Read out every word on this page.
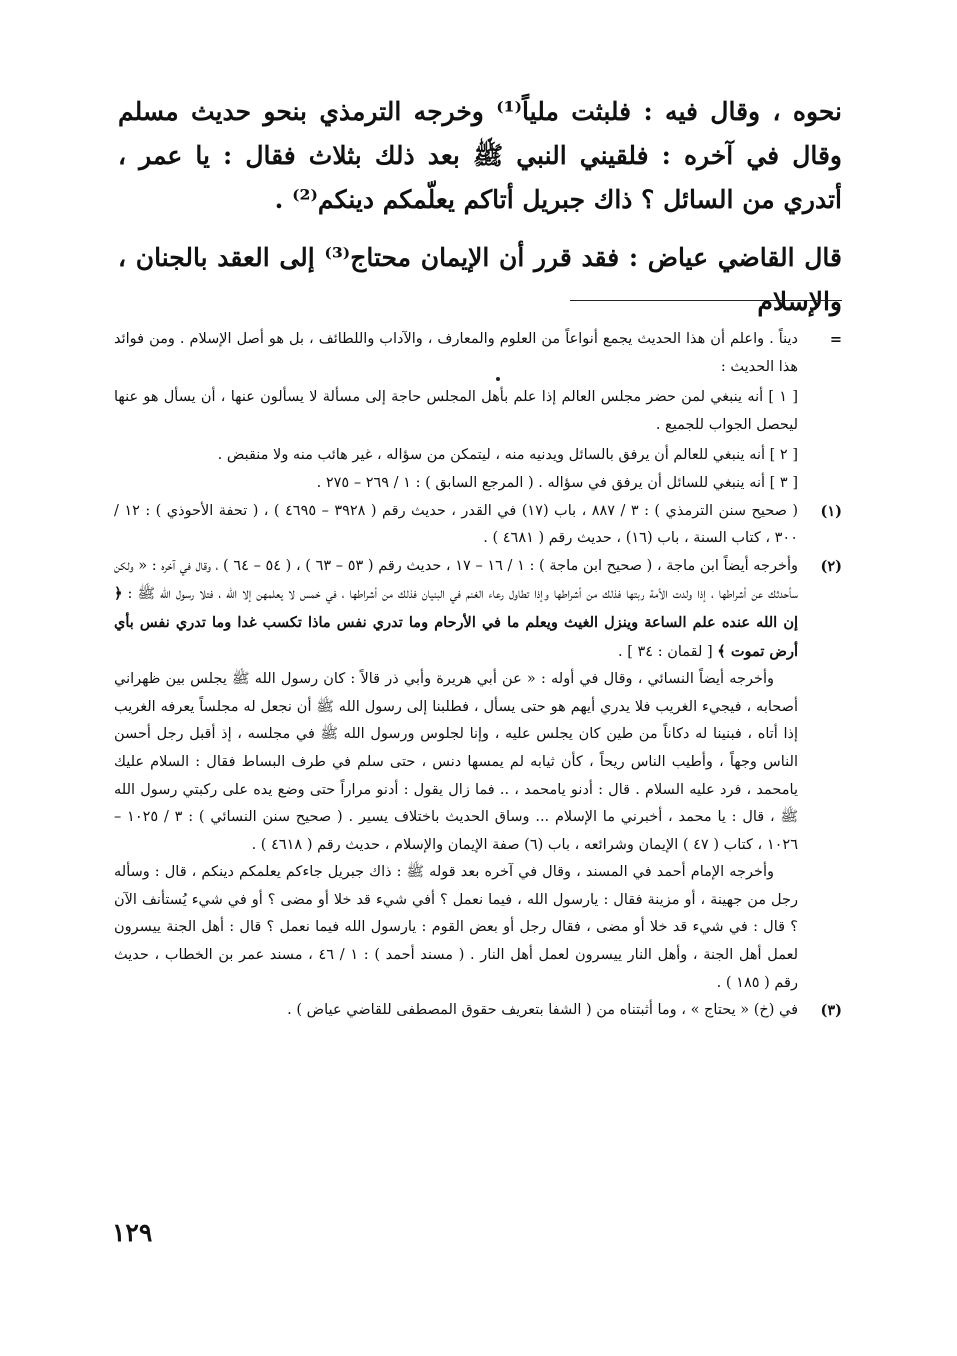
نحوه ، وقال فيه : فلبثت ملياً⁽¹⁾ وخرجه الترمذي بنحو حديث مسلم وقال في آخره : فلقيني النبي ﷺ بعد ذلك بثلاث فقال : يا عمر ، أتدري من السائل ؟ ذاك جبريل أتاكم يعلّمكم دينكم⁽²⁾ .

قال القاضي عياض : فقد قرر أن الإيمان محتاج⁽³⁾ إلى العقد بالجنان ، والإسلام

=

ديناً . واعلم أن هذا الحديث يجمع أنواعاً من العلوم والمعارف ، والآداب واللطائف ، بل هو أصل الإسلام . ومن فوائد هذا الحديث :

[ ١ ] أنه ينبغي لمن حضر مجلس العالم إذا علم بأهل المجلس حاجة إلى مسألة لا يسألون عنها ، أن يسأل هو عنها ليحصل الجواب للجميع .

[ ٢ ] أنه ينبغي للعالم أن يرفق بالسائل ويدنيه منه ، ليتمكن من سؤاله ، غير هائب منه ولا منقبض .

[ ٣ ] أنه ينبغي للسائل أن يرفق في سؤاله . ( المرجع السابق ) : ١ / ٢٦٩ – ٢٧٥ .

(١)

( صحيح سنن الترمذي ) : ٣ / ٨٨٧ ، باب (١٧) في القدر ، حديث رقم ( ٣٩٢٨ – ٤٦٩٥ ) ، ( تحفة الأحوذي ) : ١٢ / ٣٠٠ ، كتاب السنة ، باب (١٦) ، حديث رقم ( ٤٦٨١ ) .

(٢)

وأخرجه أيضاً ابن ماجة ، ( صحيح ابن ماجة ) : ١ / ١٦ – ١٧ ، حديث رقم ( ٥٣ – ٦٣ ) ، ( ٥٤ – ٦٤ ) ، وقال في آخره : « ولكن سأحدثك عن أشراطها ، إذا ولدت الأمة ربتها فذلك من أشراطها وإذا تطاول رعاء الغنم في البنيان فذلك من أشراطها ، في خمس لا يعلمهن إلا الله ، فتلا رسول الله ﷺ : ﴿ إن الله عنده علم الساعة وينزل الغيث ويعلم ما في الأرحام وما تدري نفس ماذا تكسب غدا وما تدري نفس بأي أرض تموت ﴾ [ لقمان : ٣٤ ] .

وأخرجه أيضاً النسائي ، وقال في أوله : « عن أبي هريرة وأبي ذر قالاً : كان رسول الله ﷺ يجلس بين ظهراني أصحابه ، فيجيء الغريب فلا يدري أيهم هو حتى يسأل ، فطلبنا إلى رسول الله ﷺ أن نجعل له مجلساً يعرفه الغريب إذا أتاه ، فبنينا له دكاناً من طين كان يجلس عليه ، وإنا لجلوس ورسول الله ﷺ في مجلسه ، إذ أقبل رجل أحسن الناس وجهاً ، وأطيب الناس ريحاً ، كأن ثيابه لم يمسها دنس ، حتى سلم في طرف البساط فقال : السلام عليك يامحمد ، فرد عليه السلام . قال : أدنو يامحمد ، .. فما زال يقول : أدنو مراراً حتى وضع يده على ركبتي رسول الله ﷺ ، قال : يا محمد ، أخبرني ما الإسلام ... وساق الحديث باختلاف يسير . ( صحيح سنن النسائي ) : ٣ / ١٠٢٥ – ١٠٢٦ ، كتاب ( ٤٧ ) الإيمان وشرائعه ، باب (٦) صفة الإيمان والإسلام ، حديث رقم ( ٤٦١٨ ) .

وأخرجه الإمام أحمد في المسند ، وقال في آخره بعد قوله ﷺ : ذاك جبريل جاءكم يعلمكم دينكم ، قال : وسأله رجل من جهينة ، أو مزينة فقال : يارسول الله ، فيما نعمل ؟ أفي شيء قد خلا أو مضى ؟ أو في شيء يُستأنف الآن ؟ قال : في شيء قد خلا أو مضى ، فقال رجل أو بعض القوم : يارسول الله فيما نعمل ؟ قال : أهل الجنة ييسرون لعمل أهل الجنة ، وأهل النار ييسرون لعمل أهل النار . ( مسند أحمد ) : ١ / ٤٦ ، مسند عمر بن الخطاب ، حديث رقم ( ١٨٥ ) .

(٣)

في (خ) « يحتاج » ، وما أثبتناه من ( الشفا بتعريف حقوق المصطفى للقاضي عياض ) .

١٢٩
